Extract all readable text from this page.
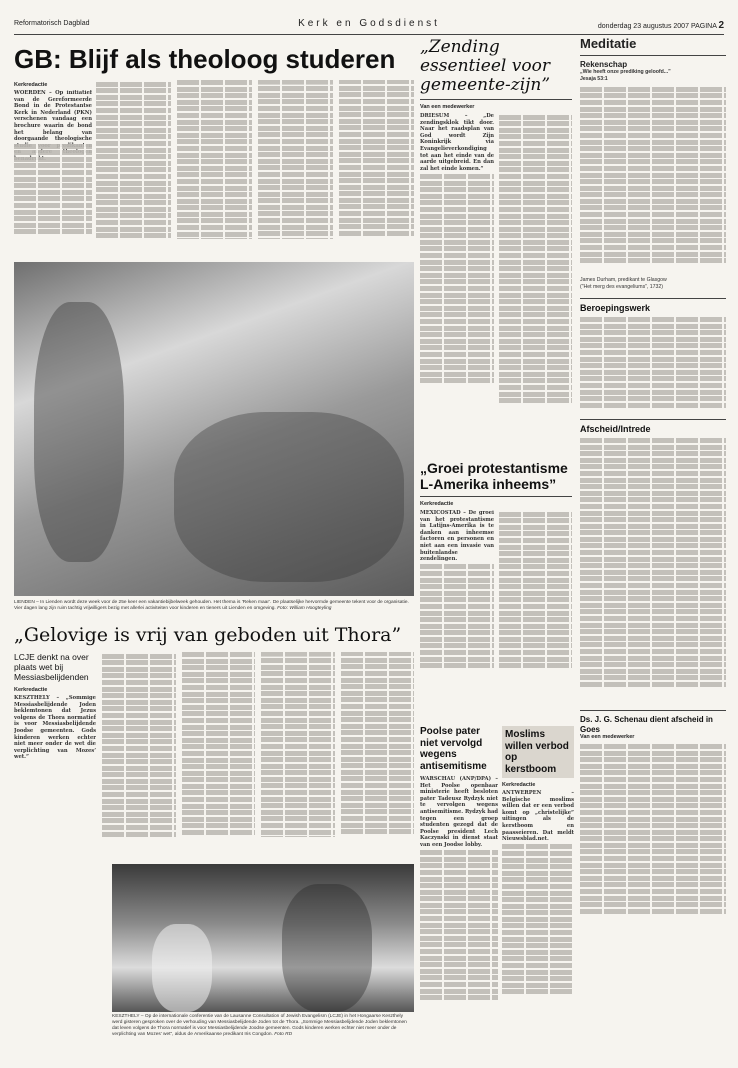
Reformatorisch Dagblad	Kerk en Godsdienst	donderdag 23 augustus 2007 PAGINA 2
GB: Blijf als theoloog studeren
Kerkredactie
WOERDEN – Op initiatief van de Gereformeerde Bond in de Protestantse Kerk in Nederland (PKN) verschenen vandaag een brochure waarin de bond het belang van doorgaande theologische
„Zending essentieel voor gemeente-zijn”
Van een medewerker
DRIESUM – „De zendingsklok tikt door. Naar het raadsplan van God wordt Zijn Koninkrijk via Evangelieverkondiging tot aan het einde van de aarde uitgebreid. En dan zal het einde komen.”
LIENDEN – In Lienden wordt deze week voor de 25e keer een vakantiebijbelweek gehouden. Het thema is ‘Reken maar’. De plaatselijke hervormde gemeente tekent voor de organisatie. Vier dagen lang zijn ruim tachtig vrijwilligers bezig met allerlei activiteiten voor kinderen en tieners uit Lienden en omgeving. Foto: William Hoogteyling
„Groei protestantisme L-Amerika inheems”
Kerkredactie
MEXICOSTAD – De groei van het protestantisme in Latijns-Amerika is te danken aan inheemse factoren en personen en niet aan een invasie van buitenlandse zendelingen.
„Gelovige is vrij van geboden uit Thora”
LCJE denkt na over plaats wet bij Messiasbelijdenden
Kerkredactie
KESZTHELY – „Sommige Messiasbelijdende Joden beklemtonen dat Jezus volgens de Thora normatief is voor Messiasbelijdende Joodse gemeenten. Gods kinderen werken echter niet meer onder de wet die verplichting van Mozes’ wet.”
KESZTHELY – Op de internationale conferentie van de Lausanne Consultation of Jewish Evangelism (LCJE) in het Hongaarse Keszthely werd gisteren gesproken over de verhouding van Messiasbelijdende Joden tot de Thora. „Sommige Messiasbelijdende Joden beklemtonen dat leven volgens de Thora normatief is voor Messiasbelijdende Joodse gemeenten. Gods kinderen werken echter niet meer onder de verplichting van Mozes’ wet”, aldus de Amerikaanse predikant Iris Congdon. Foto RD
Poolse pater niet vervolgd wegens antisemitisme
WARSCHAU (ANP/DPA) – Het Poolse openbaar ministerie heeft besloten pater Tadeusz Rydzyk niet te vervolgen wegens antisemitisme. Rydzyk had tegen een groep studenten gezegd dat de Poolse president Lech Kaczynski in dienst staat van een Joodse lobby.
Moslims willen verbod op kerstboom
Kerkredactie
ANTWERPEN – Belgische moslims willen dat er een verbod komt op „christelijke” uitingen als de kerstboom en paasseieren. Dat meldt Nieuwsblad.net.
Meditatie
Rekenschap
„Wie heeft onze prediking geloofd...”
Jesaja 53:1
James Durham, predikant te Glasgow
(”Het merg des evangeliums”, 1732)
Beroepingswerk
Afscheid/Intrede
Ds. J. G. Schenau dient afscheid in Goes
Van een medewerker
